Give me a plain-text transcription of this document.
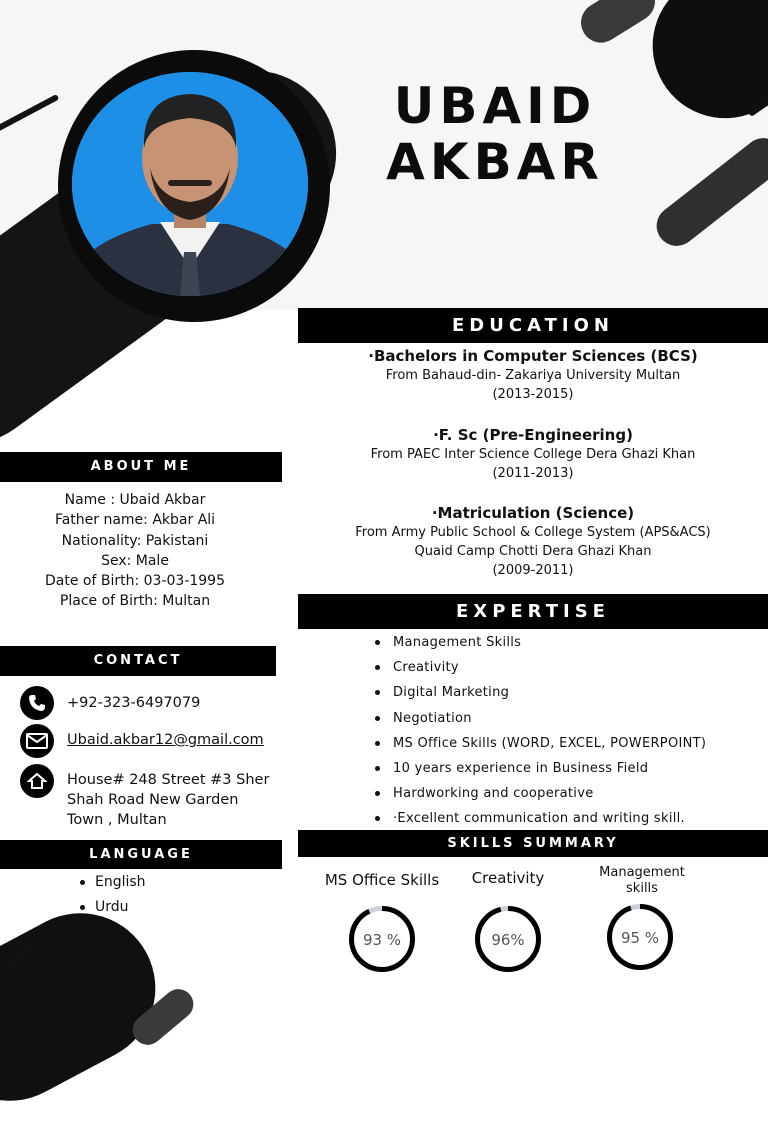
UBAID
AKBAR
EDUCATION
·Bachelors in Computer Sciences (BCS)
From Bahaud-din- Zakariya University Multan
(2013-2015)
·F. Sc (Pre-Engineering)
From PAEC Inter Science College Dera Ghazi Khan
(2011-2013)
·Matriculation (Science)
From Army Public School & College System (APS&ACS)
Quaid Camp Chotti Dera Ghazi Khan
(2009-2011)
ABOUT ME
Name : Ubaid Akbar
Father name: Akbar Ali
Nationality: Pakistani
Sex: Male
Date of Birth: 03-03-1995
Place of Birth: Multan
CONTACT
+92-323-6497079
Ubaid.akbar12@gmail.com
House# 248 Street #3 Sher Shah Road New Garden Town , Multan
EXPERTISE
Management Skills
Creativity
Digital Marketing
Negotiation
MS Office Skills (WORD, EXCEL, POWERPOINT)
10 years experience in Business Field
Hardworking and cooperative
·Excellent communication and writing skill.
LANGUAGE
English
Urdu
SKILLS SUMMARY
MS Office Skills	Creativity	Management skills
93 %	96%	95 %
